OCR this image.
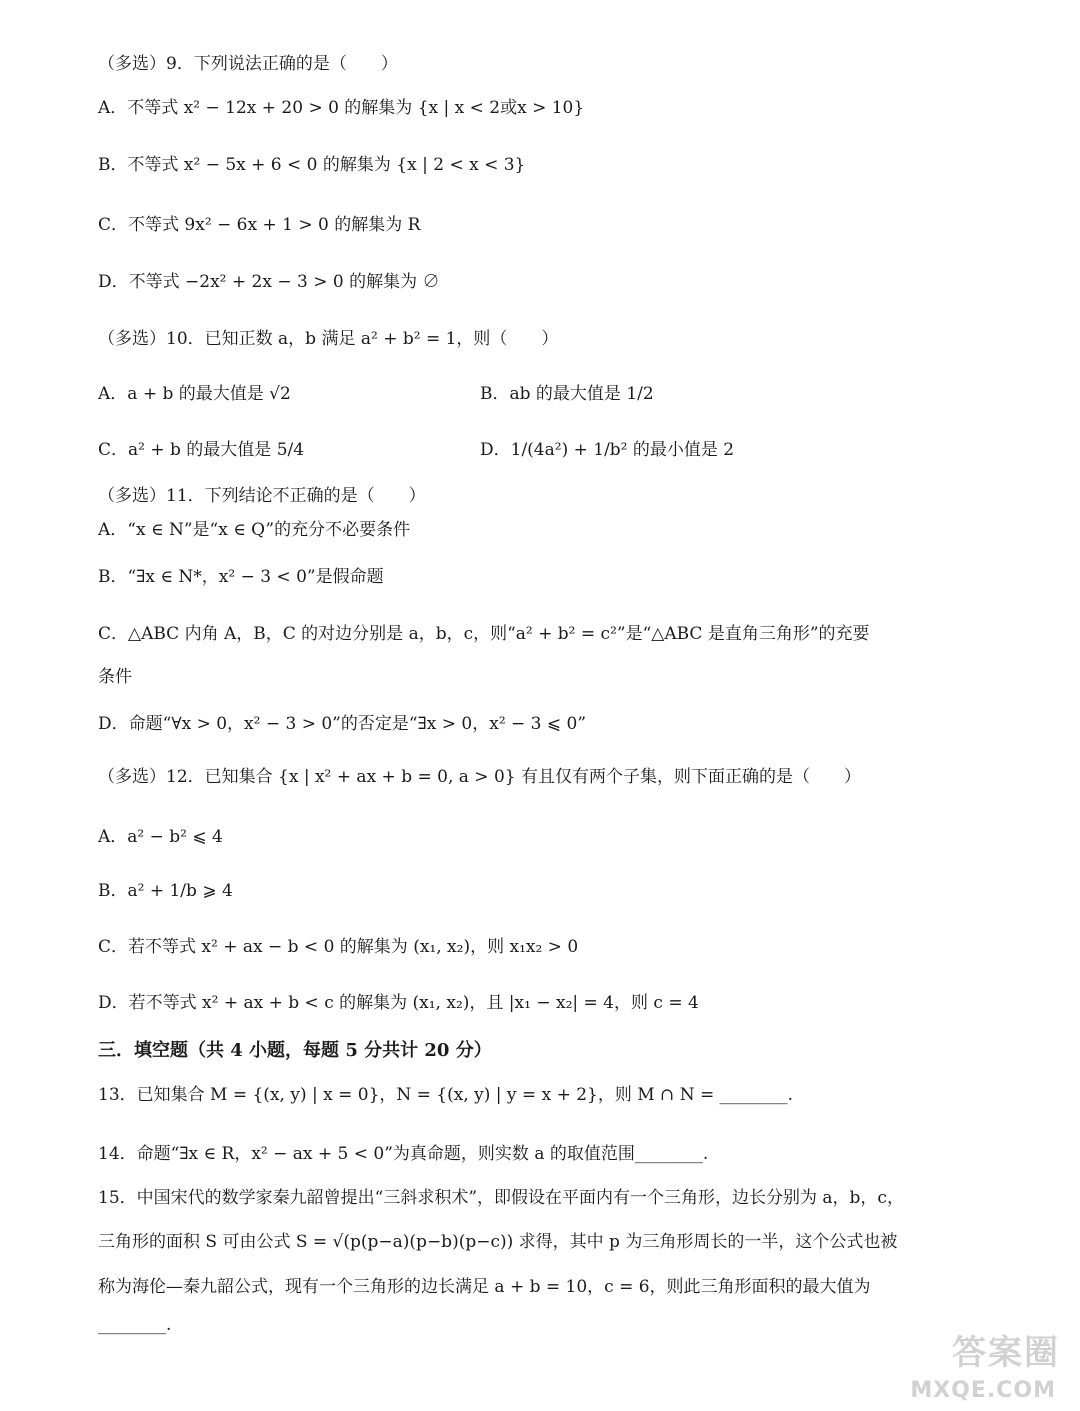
（多选）9．下列说法正确的是（　　）
A．不等式 x² − 12x + 20 > 0 的解集为 {x | x < 2或x > 10}
B．不等式 x² − 5x + 6 < 0 的解集为 {x | 2 < x < 3}
C．不等式 9x² − 6x + 1 > 0 的解集为 R
D．不等式 −2x² + 2x − 3 > 0 的解集为 ∅
（多选）10．已知正数 a，b 满足 a² + b² = 1，则（　　）
A．a + b 的最大值是 √2	B．ab 的最大值是 1/2
C．a² + b 的最大值是 5/4	D．1/(4a²) + 1/b² 的最小值是 2
（多选）11．下列结论不正确的是（　　）
A．“x ∈ N”是“x ∈ Q”的充分不必要条件
B．“∃x ∈ N*，x² − 3 < 0”是假命题
C．△ABC 内角 A，B，C 的对边分别是 a，b，c，则“a² + b² = c²”是“△ABC 是直角三角形”的充要
条件
D．命题“∀x > 0，x² − 3 > 0”的否定是“∃x > 0，x² − 3 ⩽ 0”
（多选）12．已知集合 {x | x² + ax + b = 0, a > 0} 有且仅有两个子集，则下面正确的是（　　）
A．a² − b² ⩽ 4
B．a² + 1/b ⩾ 4
C．若不等式 x² + ax − b < 0 的解集为 (x₁, x₂)，则 x₁x₂ > 0
D．若不等式 x² + ax + b < c 的解集为 (x₁, x₂)，且 |x₁ − x₂| = 4，则 c = 4
三．填空题（共 4 小题，每题 5 分共计 20 分）
13．已知集合 M = {(x, y) | x = 0}，N = {(x, y) | y = x + 2}，则 M ∩ N = ________.
14．命题“∃x ∈ R，x² − ax + 5 < 0”为真命题，则实数 a 的取值范围________.
15．中国宋代的数学家秦九韶曾提出“三斜求积术”，即假设在平面内有一个三角形，边长分别为 a，b，c，
三角形的面积 S 可由公式 S = √(p(p−a)(p−b)(p−c)) 求得，其中 p 为三角形周长的一半，这个公式也被
称为海伦—秦九韶公式，现有一个三角形的边长满足 a + b = 10，c = 6，则此三角形面积的最大值为
________.
答案圈
MXQE.COM
